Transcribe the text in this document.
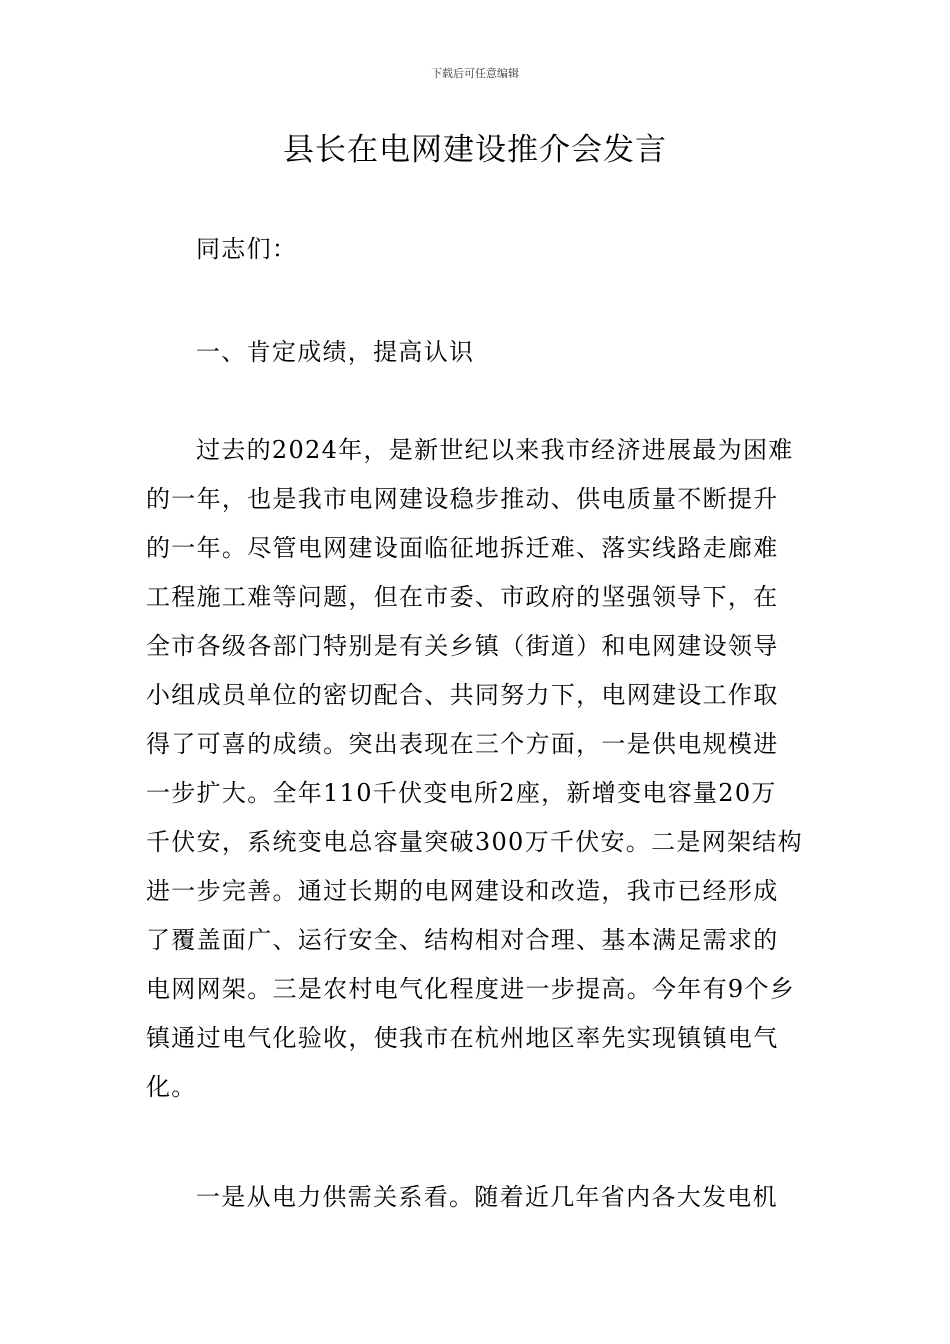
下载后可任意编辑
县长在电网建设推介会发言

同志们：

一、肯定成绩，提高认识

过去的2024年，是新世纪以来我市经济进展最为困难
的一年，也是我市电网建设稳步推动、供电质量不断提升
的一年。尽管电网建设面临征地拆迁难、落实线路走廊难
工程施工难等问题，但在市委、市政府的坚强领导下，在
全市各级各部门特别是有关乡镇（街道）和电网建设领导
小组成员单位的密切配合、共同努力下，电网建设工作取
得了可喜的成绩。突出表现在三个方面，一是供电规模进
一步扩大。全年110千伏变电所2座，新增变电容量20万
千伏安，系统变电总容量突破300万千伏安。二是网架结构
进一步完善。通过长期的电网建设和改造，我市已经形成
了覆盖面广、运行安全、结构相对合理、基本满足需求的
电网网架。三是农村电气化程度进一步提高。今年有9个乡
镇通过电气化验收，使我市在杭州地区率先实现镇镇电气
化。
一是从电力供需关系看。随着近几年省内各大发电机
